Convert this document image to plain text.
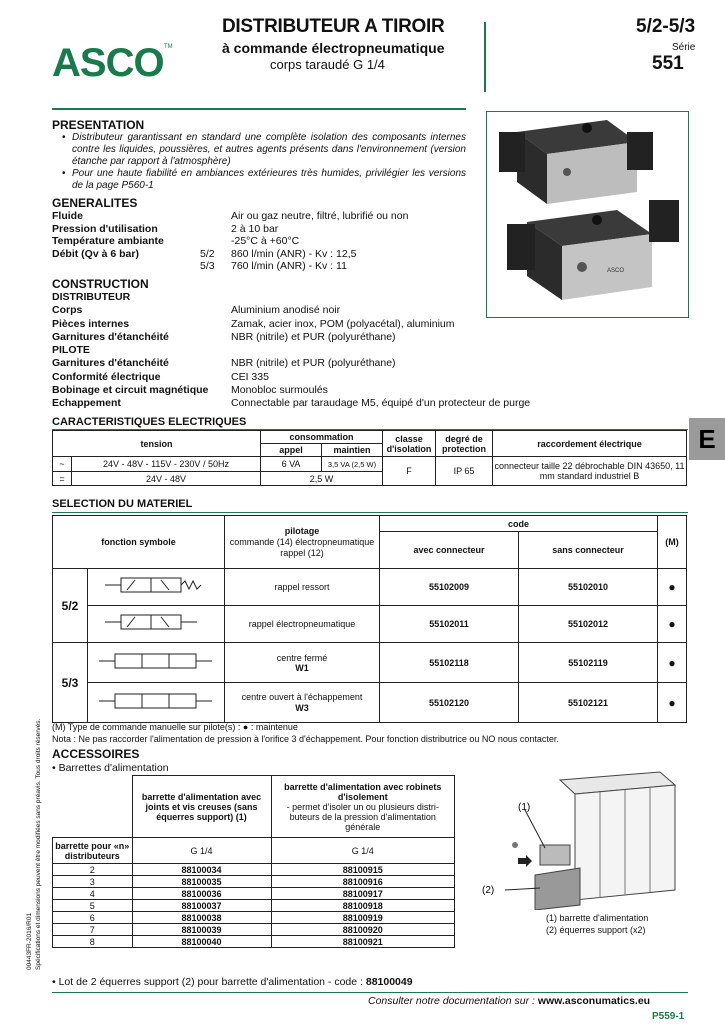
ASCO TM
DISTRIBUTEUR A TIROIR
à commande électropneumatique
corps taraudé G 1/4
5/2-5/3
Série
551
PRESENTATION
• Distributeur garantissant en standard une complète isolation des composants internes contre les liquides, poussières, et autres agents présents dans l'environnement (version étanche par rapport à l'atmosphère)
• Pour une haute fiabilité en ambiances extérieures très humides, privilégier les versions de la page P560-1
GENERALITES
Fluide	Air ou gaz neutre, filtré, lubrifié ou non
Pression d'utilisation	2 à 10 bar
Température ambiante	-25°C à +60°C
Débit (Qv à 6 bar)	5/2 860 l/min (ANR) - Kv : 12,5
5/3 760 l/min (ANR) - Kv : 11
CONSTRUCTION
DISTRIBUTEUR
Corps	Aluminium anodisé noir
Pièces internes	Zamak, acier inox, POM (polyacétal), aluminium
Garnitures d'étanchéité	NBR (nitrile) et PUR (polyuréthane)
PILOTE
Garnitures d'étanchéité	NBR (nitrile) et PUR (polyuréthane)
Conformité électrique	CEI 335
Bobinage et circuit magnétique Monobloc surmoulés
Echappement	Connectable par taraudage M5, équipé d'un protecteur de purge
ASCO
E
CARACTERISTIQUES ELECTRIQUES
tension		consommation		classe d'isolation	degré de protection	raccordement électrique
		appel	maintien			
~	24V - 48V - 115V - 230V / 50Hz	6 VA	3,5 VA (2,5 W)	F	IP 65	connecteur taille 22 débrochable DIN 43650, 11 mm standard industriel B
=	24V - 48V	2,5 W				
SELECTION DU MATERIEL
fonction symbole		pilotage
commande (14) électropneumatique
rappel (12)	code		(M)
			avec connecteur	sans connecteur	
5/2		rappel ressort	55102009	55102010	●
	rappel électropneumatique	55102011	55102012	●
5/3		centre fermé
W1	55102118	55102119	●

centre ouvert à l'échappement
W3	55102120	55102121	●
(M) Type de commande manuelle sur pilote(s) : ● : maintenue
Nota : Ne pas raccorder l'alimentation de pression à l'orifice 3 d'échappement. Pour fonction distributrice ou NO nous contacter.
ACCESSOIRES
• Barrettes d'alimentation
	barrette d'alimentation avec joints et vis creuses (sans équerres support) (1)	barrette d'alimentation avec robinets d'isolement
- permet d'isoler un ou plusieurs distri- buteurs de la pression d'alimentation générale

barrette pour «n» distributeurs	G 1/4	G 1/4
2	88100034	88100915
3	88100035	88100916
4	88100036	88100917
5	88100037	88100918
6	88100038	88100919
7	88100039	88100920
8	88100040	88100921
• Lot de 2 équerres support (2) pour barrette d'alimentation - code : 88100049
(1)
(2)
(1) barrette d'alimentation
(2) équerres support (x2)
Consulter notre documentation sur : www.asconumatics.eu
P559-1
00443FR-2016/R01 Spécifications et dimensions peuvent être modifiées sans préavis. Tous droits réservés.
